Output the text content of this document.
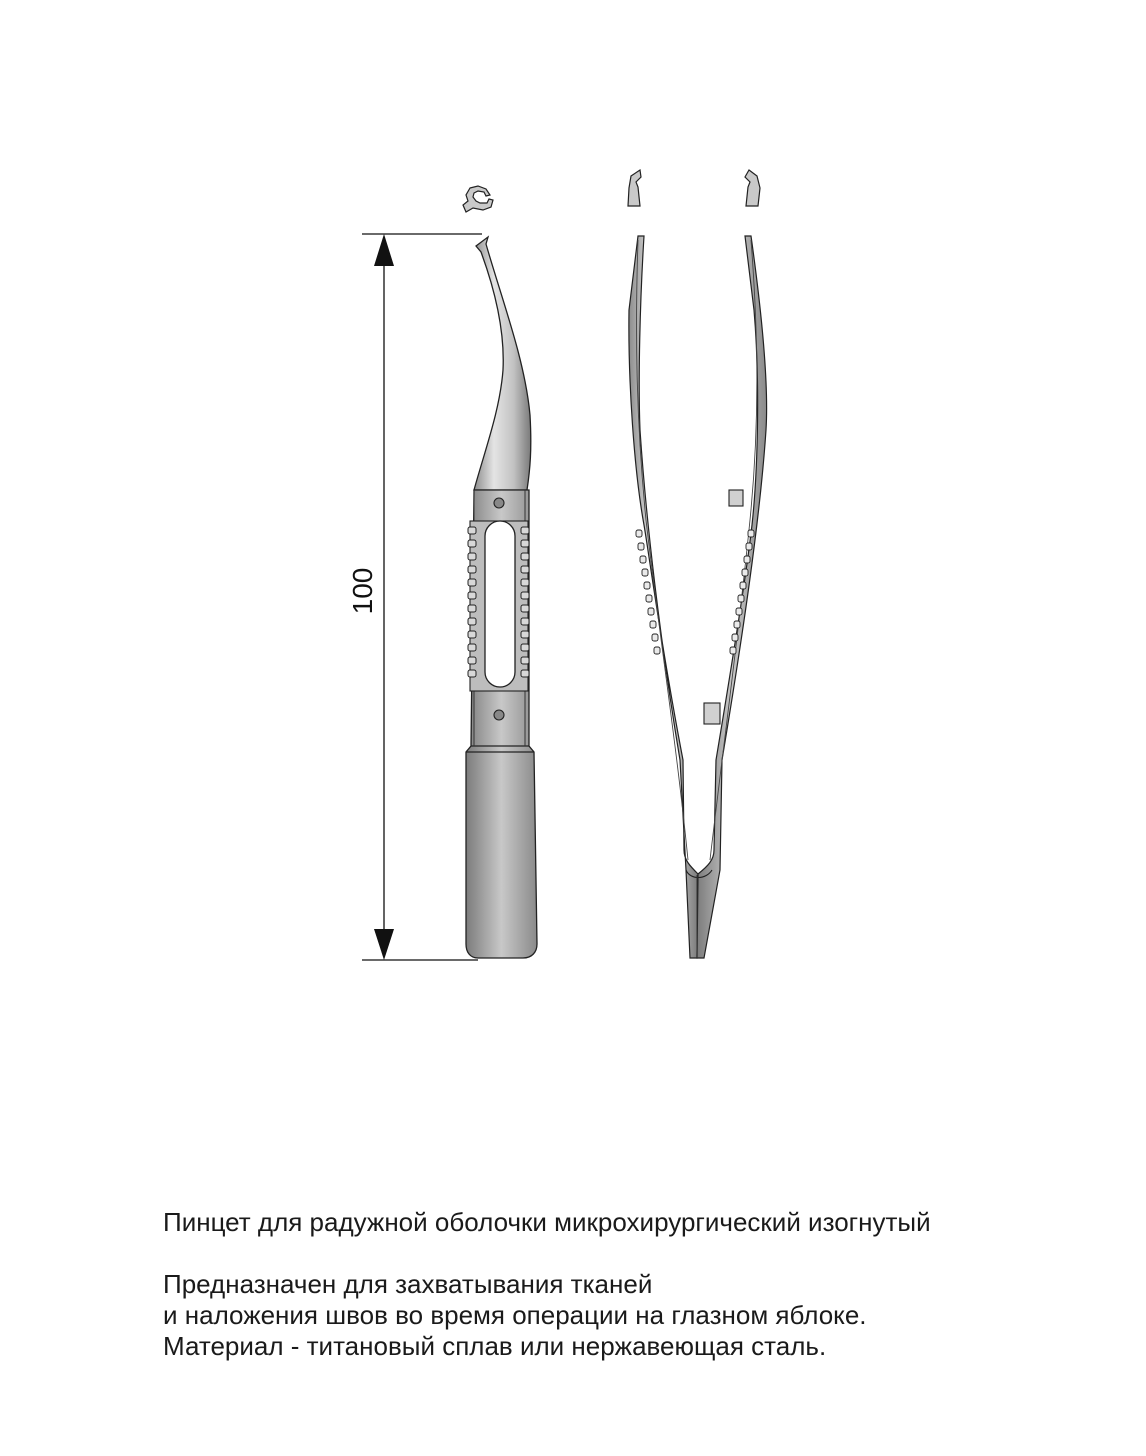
100
Пинцет для радужной оболочки микрохирургический изогнутый
Предназначен для захватывания тканей
и наложения швов во время операции на глазном яблоке.
Материал - титановый сплав или нержавеющая сталь.
